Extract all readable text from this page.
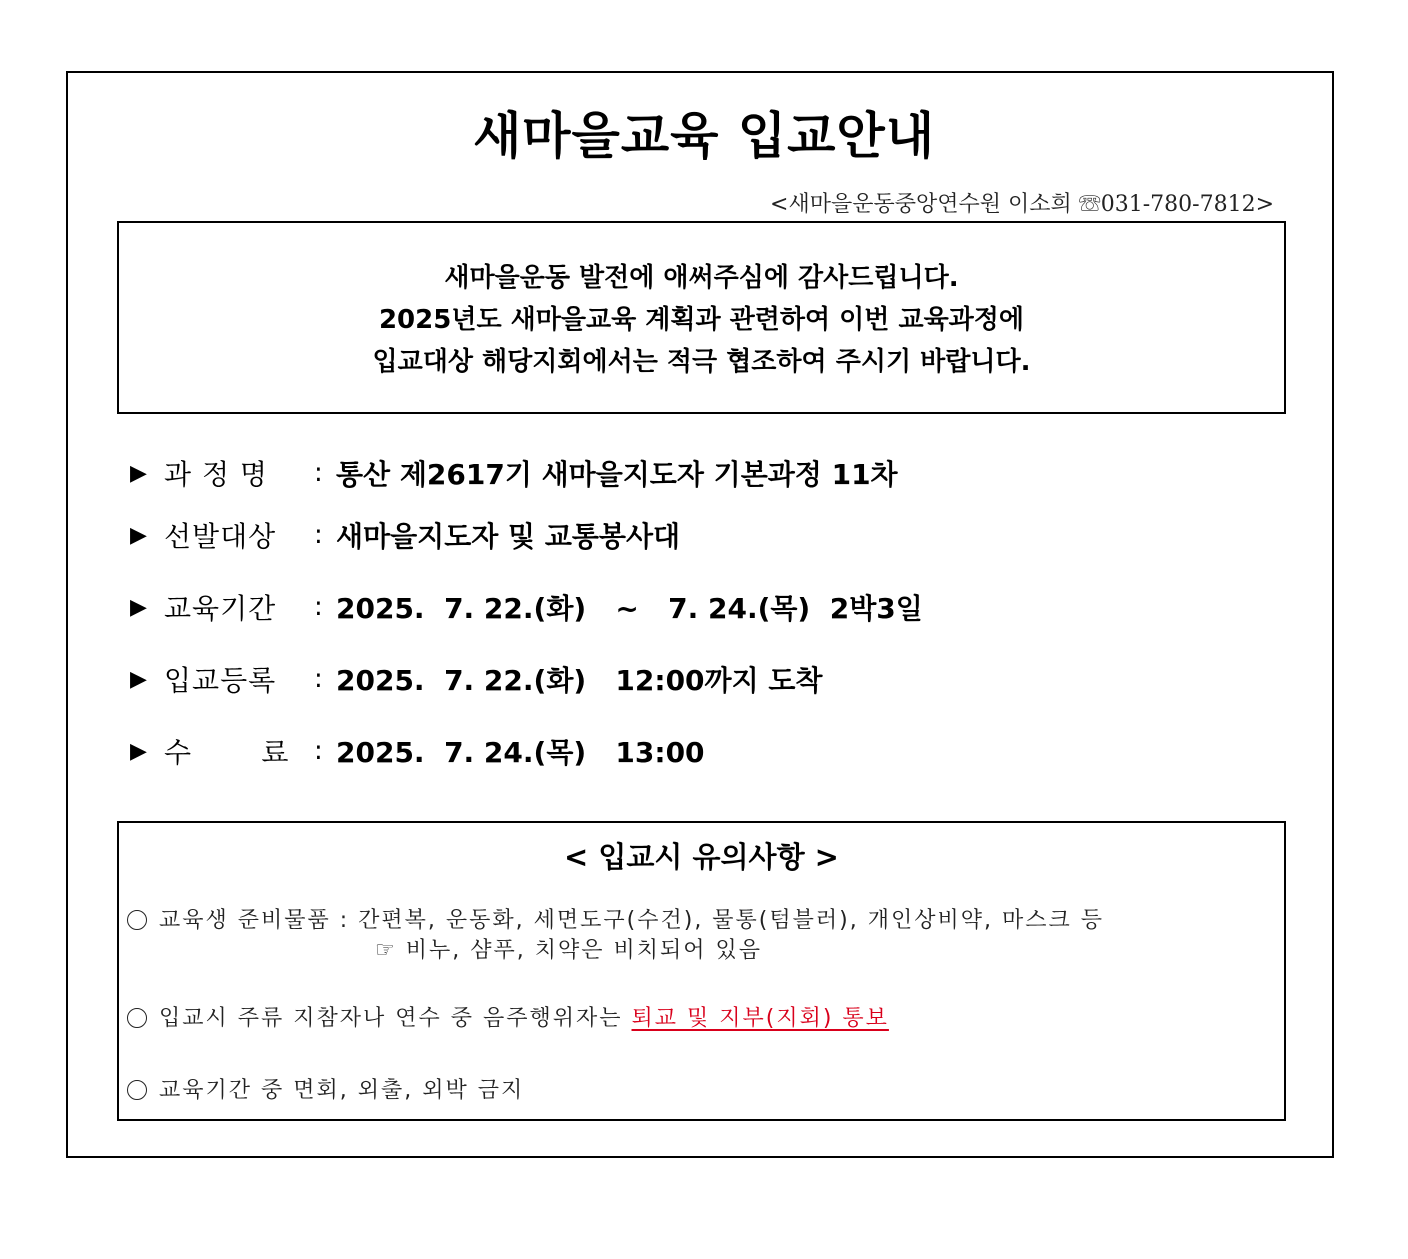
새마을교육 입교안내
<새마을운동중앙연수원 이소희 ☏031-780-7812>
새마을운동 발전에 애써주심에 감사드립니다.
2025년도 새마을교육 계획과 관련하여 이번 교육과정에
입교대상 해당지회에서는 적극 협조하여 주시기 바랍니다.
▶ 과 정 명	: 통산 제2617기 새마을지도자 기본과정 11차
▶ 선발대상	: 새마을지도자 및 교통봉사대
▶ 교육기간	: 2025.  7. 22.(화)   ~   7. 24.(목)  2박3일
▶ 입교등록	: 2025.  7. 22.(화)   12:00까지 도착
▶ 수       료 : 2025.  7. 24.(목)   13:00
< 입교시 유의사항 >
교육생 준비물품 : 간편복, 운동화, 세면도구(수건), 물통(텀블러), 개인상비약, 마스크 등
☞ 비누, 샴푸, 치약은 비치되어 있음
입교시 주류 지참자나 연수 중 음주행위자는 퇴교 및 지부(지회) 통보
교육기간 중 면회, 외출, 외박 금지
